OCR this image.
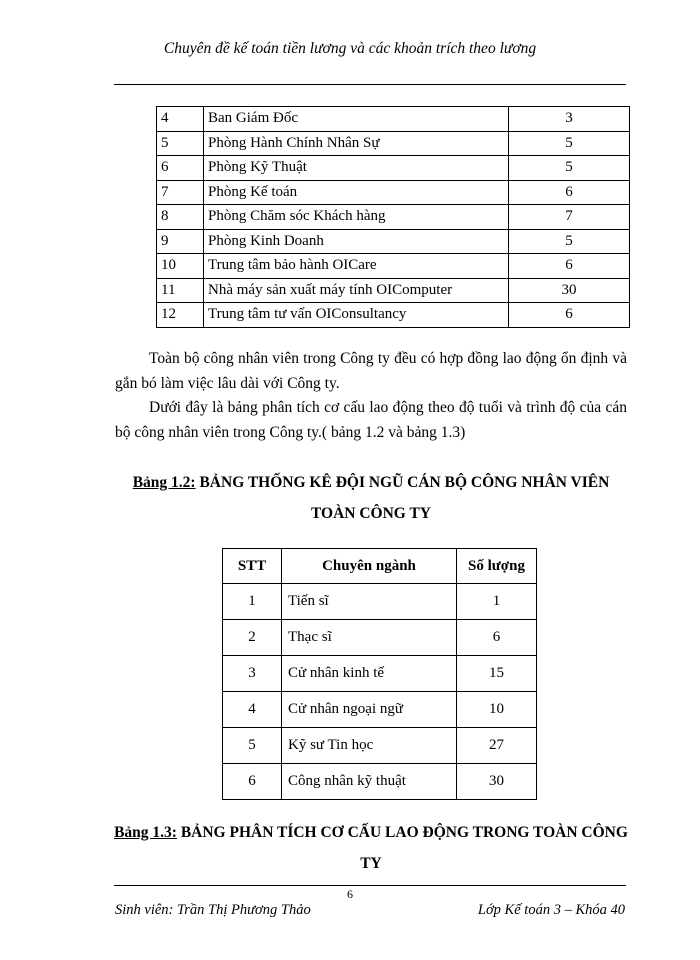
Chuyên đề kế toán tiền lương và các khoản trích theo lương
4	Ban Giám Đốc	3
5	Phòng Hành Chính Nhân Sự	5
6	Phòng Kỹ Thuật	5
7	Phòng Kế toán	6
8	Phòng Chăm sóc Khách hàng	7
9	Phòng Kinh Doanh	5
10	Trung tâm bảo hành OICare	6
11	Nhà máy sản xuất máy tính OIComputer	30
12	Trung tâm tư vấn OIConsultancy	6

Toàn bộ công nhân viên trong Công ty đều có hợp đồng lao động ổn định và gắn bó làm việc lâu dài với Công ty.

Dưới đây là bảng phân tích cơ cấu lao động theo độ tuổi và trình độ của cán bộ công nhân viên trong Công ty.( bảng 1.2 và bảng 1.3)

Bảng 1.2: BẢNG THỐNG KÊ ĐỘI NGŨ CÁN BỘ CÔNG NHÂN VIÊN TOÀN CÔNG TY
STT	Chuyên ngành	Số lượng
1	Tiến sĩ	1
2	Thạc sĩ	6
3	Cử nhân kinh tế	15
4	Cử nhân ngoại ngữ	10
5	Kỹ sư Tin học	27
6	Công nhân kỹ thuật	30
Bảng 1.3: BẢNG PHÂN TÍCH CƠ CẤU LAO ĐỘNG TRONG TOÀN CÔNG TY
6
Sinh viên: Trần Thị Phương Thảo	Lớp Kế toán 3 – Khóa 40
